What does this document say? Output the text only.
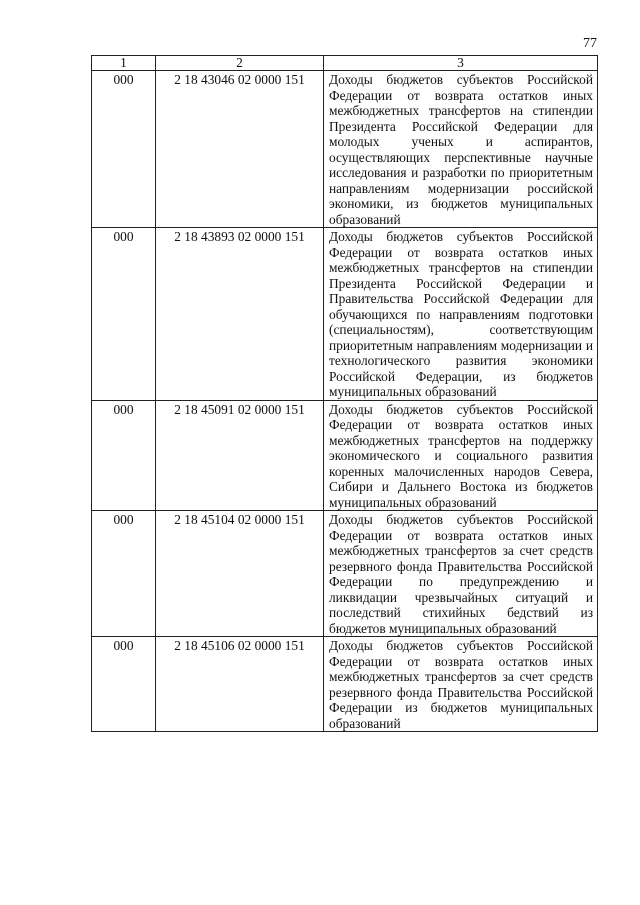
77
1	2	3
000	2 18 43046 02 0000 151	Доходы бюджетов субъектов Российской Федерации от возврата остатков иных межбюджетных трансфертов на стипендии Президента Российской Федерации для молодых ученых и аспирантов, осуществляющих перспективные научные исследования и разработки по приоритетным направлениям модернизации российской экономики, из бюджетов муниципальных образований
000	2 18 43893 02 0000 151	Доходы бюджетов субъектов Российской Федерации от возврата остатков иных межбюджетных трансфертов на стипендии Президента Российской Федерации и Правительства Российской Федерации для обучающихся по направлениям подготовки (специальностям), соответствующим приоритетным направлениям модернизации и технологического развития экономики Российской Федерации, из бюджетов муниципальных образований
000	2 18 45091 02 0000 151	Доходы бюджетов субъектов Российской Федерации от возврата остатков иных межбюджетных трансфертов на поддержку экономического и социального развития коренных малочисленных народов Севера, Сибири и Дальнего Востока из бюджетов муниципальных образований
000	2 18 45104 02 0000 151	Доходы бюджетов субъектов Российской Федерации от возврата остатков иных межбюджетных трансфертов за счет средств резервного фонда Правительства Российской Федерации по предупреждению и ликвидации чрезвычайных ситуаций и последствий стихийных бедствий из бюджетов муниципальных образований
000	2 18 45106 02 0000 151	Доходы бюджетов субъектов Российской Федерации от возврата остатков иных межбюджетных трансфертов за счет средств резервного фонда Правительства Российской Федерации из бюджетов муниципальных образований
